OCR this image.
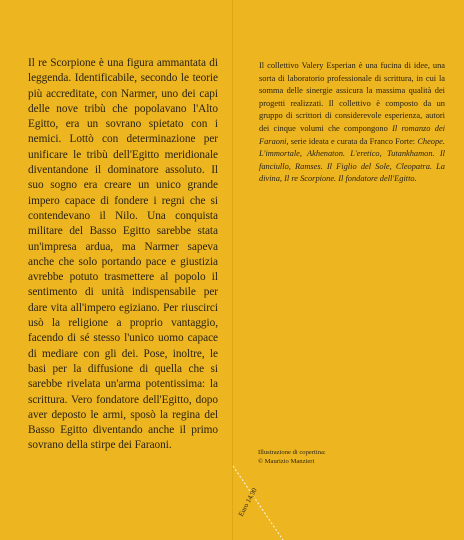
Il re Scorpione è una figura ammantata di leggenda. Identificabile, secondo le teorie più accreditate, con Narmer, uno dei capi delle nove tribù che popolavano l'Alto Egitto, era un sovrano spietato con i nemici. Lottò con determinazione per unificare le tribù dell'Egitto meridionale diventandone il dominatore assoluto. Il suo sogno era creare un unico grande impero capace di fondere i regni che si contendevano il Nilo. Una conquista militare del Basso Egitto sarebbe stata un'impresa ardua, ma Narmer sapeva anche che solo portando pace e giustizia avrebbe potuto trasmettere al popolo il sentimento di unità indispensabile per dare vita all'impero egiziano. Per riuscirci usò la religione a proprio vantaggio, facendo di sé stesso l'unico uomo capace di mediare con gli dei. Pose, inoltre, le basi per la diffusione di quella che si sarebbe rivelata un'arma potentissima: la scrittura. Vero fondatore dell'Egitto, dopo aver deposto le armi, sposò la regina del Basso Egitto diventando anche il primo sovrano della stirpe dei Faraoni.

Il collettivo Valery Esperian è una fucina di idee, una sorta di laboratorio professionale di scrittura, in cui la somma delle sinergie assicura la massima qualità dei progetti realizzati. Il collettivo è composto da un gruppo di scrittori di considerevole esperienza, autori dei cinque volumi che compongono Il romanzo dei Faraoni, serie ideata e curata da Franco Forte: Cheope. L'immortale, Akhenaton. L'eretico, Tutankhamon. Il fanciullo, Ramses. Il Figlio del Sole, Cleopatra. La divina, Il re Scorpione. Il fondatore dell'Egitto.

Illustrazione di copertina:
© Maurizio Manzieri
Euro 14,90
